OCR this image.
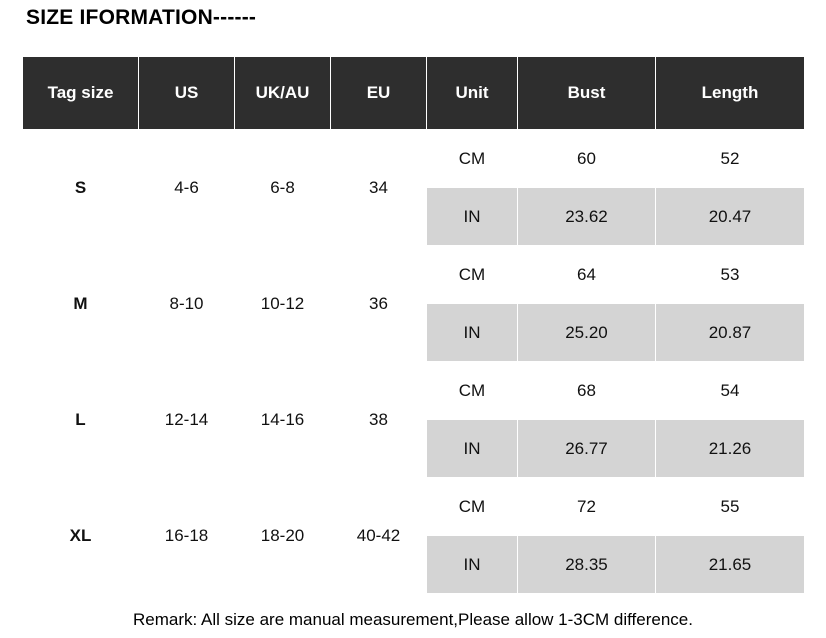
SIZE IFORMATION------
Tag size	US	UK/AU	EU	Unit	Bust	Length
S	4-6	6-8	34	CM	60	52
				IN	23.62	20.47
M	8-10	10-12	36	CM	64	53
				IN	25.20	20.87
L	12-14	14-16	38	CM	68	54
				IN	26.77	21.26
XL	16-18	18-20	40-42	CM	72	55
				IN	28.35	21.65
Remark: All size are manual measurement,Please allow 1-3CM difference.
